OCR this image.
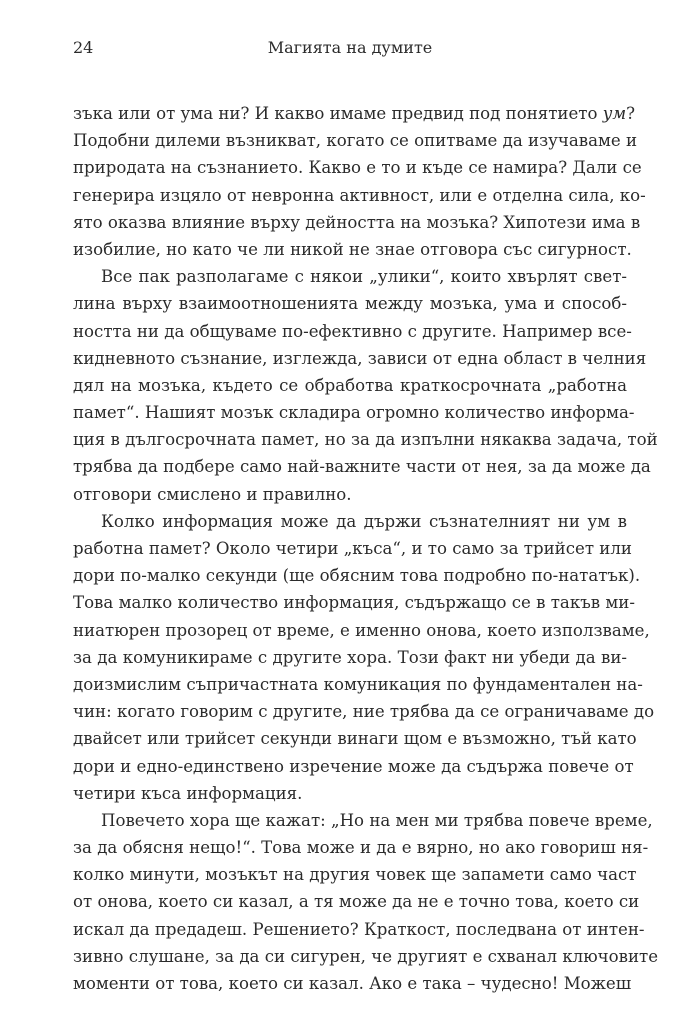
24	Магията на думите
зъка или от ума ни? И какво имаме предвид под понятието ум?
Подобни дилеми възникват, когато се опитваме да изучаваме и
природата на съзнанието. Какво е то и къде се намира? Дали се
генерира изцяло от невронна активност, или е отделна сила, ко-
ято оказва влияние върху дейността на мозъка? Хипотези има в
изобилие, но като че ли никой не знае отговора със сигурност.
Все пак разполагаме с някои „улики“, които хвърлят свет-
лина върху взаимоотношенията между мозъка, ума и способ-
ността ни да общуваме по-ефективно с другите. Например все-
кидневното съзнание, изглежда, зависи от една област в челния
дял на мозъка, където се обработва краткосрочната „работна
памет“. Нашият мозък складира огромно количество информа-
ция в дългосрочната памет, но за да изпълни някаква задача, той
трябва да подбере само най-важните части от нея, за да може да
отговори смислено и правилно.
Колко информация може да държи съзнателният ни ум в
работна памет? Около четири „къса“, и то само за трийсет или
дори по-малко секунди (ще обясним това подробно по-нататък).
Това малко количество информация, съдържащо се в такъв ми-
ниатюрен прозорец от време, е именно онова, което използваме,
за да комуникираме с другите хора. Този факт ни убеди да ви-
доизмислим съпричастната комуникация по фундаментален на-
чин: когато говорим с другите, ние трябва да се ограничаваме до
двайсет или трийсет секунди винаги щом е възможно, тъй като
дори и едно-единствено изречение може да съдържа повече от
четири къса информация.
Повечето хора ще кажат: „Но на мен ми трябва повече време,
за да обясня нещо!“. Това може и да е вярно, но ако говориш ня-
колко минути, мозъкът на другия човек ще запамети само част
от онова, което си казал, а тя може да не е точно това, което си
искал да предадеш. Решението? Краткост, последвана от интен-
зивно слушане, за да си сигурен, че другият е схванал ключовите
моменти от това, което си казал. Ако е така – чудесно! Можеш
